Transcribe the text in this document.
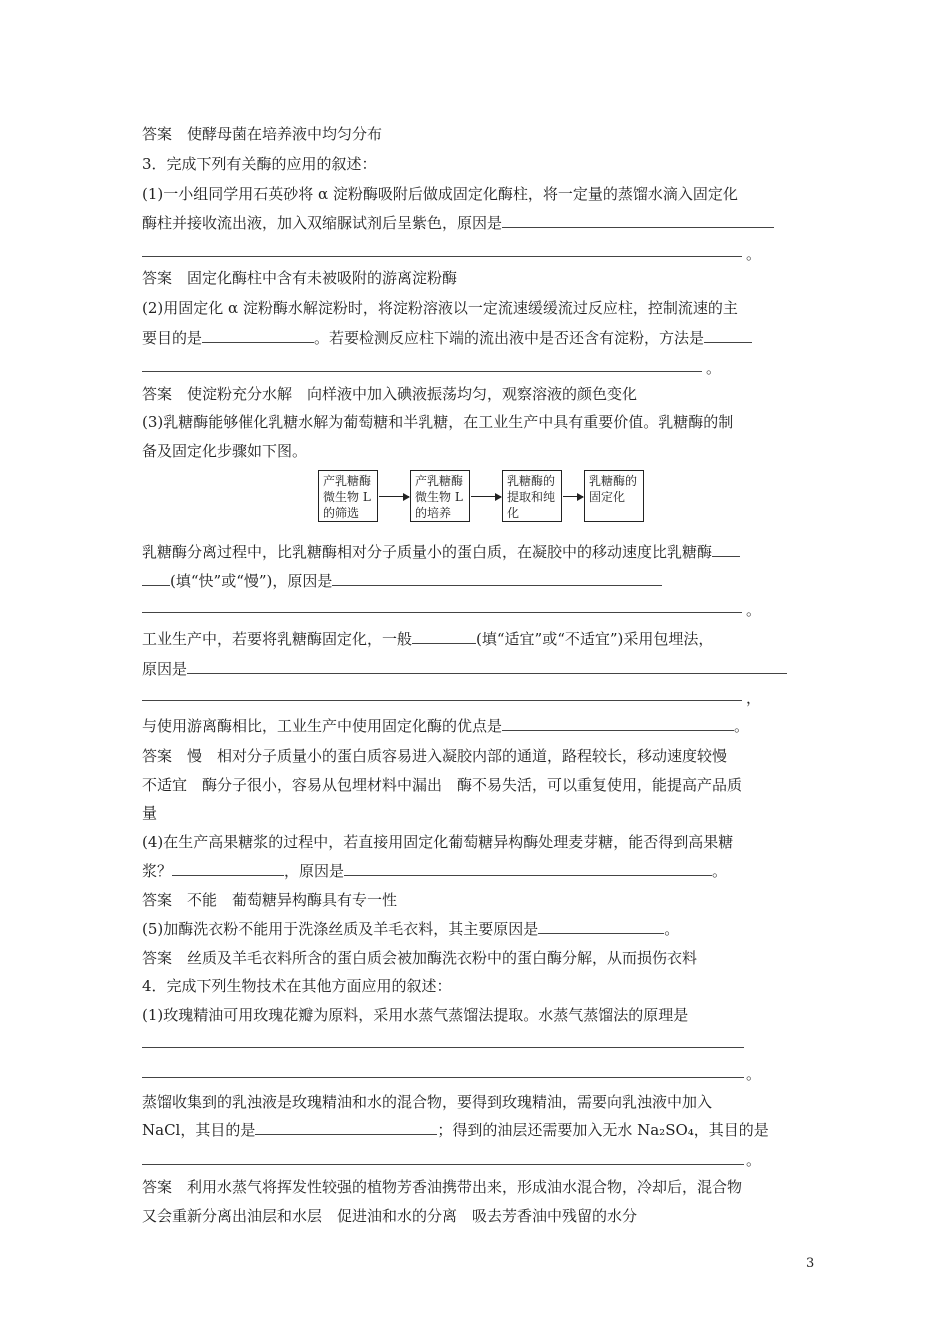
答案　使酵母菌在培养液中均匀分布
3．完成下列有关酶的应用的叙述：
(1)一小组同学用石英砂将 α 淀粉酶吸附后做成固定化酶柱，将一定量的蒸馏水滴入固定化
酶柱并接收流出液，加入双缩脲试剂后呈紫色，原因是
。
答案　固定化酶柱中含有未被吸附的游离淀粉酶
(2)用固定化 α 淀粉酶水解淀粉时，将淀粉溶液以一定流速缓缓流过反应柱，控制流速的主
要目的是	。若要检测反应柱下端的流出液中是否还含有淀粉，方法是
。
答案　使淀粉充分水解　向样液中加入碘液振荡均匀，观察溶液的颜色变化
(3)乳糖酶能够催化乳糖水解为葡萄糖和半乳糖，在工业生产中具有重要价值。乳糖酶的制
备及固定化步骤如下图。
产乳糖酶微生物 L 的筛选
产乳糖酶微生物 L 的培养
乳糖酶的提取和纯化
乳糖酶的固定化
乳糖酶分离过程中，比乳糖酶相对分子质量小的蛋白质，在凝胶中的移动速度比乳糖酶
(填“快”或“慢”)，原因是
。
工业生产中，若要将乳糖酶固定化，一般	(填“适宜”或“不适宜”)采用包埋法，
原因是
，
与使用游离酶相比，工业生产中使用固定化酶的优点是	。
答案　慢　相对分子质量小的蛋白质容易进入凝胶内部的通道，路程较长，移动速度较慢
不适宜　酶分子很小，容易从包埋材料中漏出　酶不易失活，可以重复使用，能提高产品质
量
(4)在生产高果糖浆的过程中，若直接用固定化葡萄糖异构酶处理麦芽糖，能否得到高果糖
浆？	，原因是	。
答案　不能　葡萄糖异构酶具有专一性
(5)加酶洗衣粉不能用于洗涤丝质及羊毛衣料，其主要原因是	。
答案　丝质及羊毛衣料所含的蛋白质会被加酶洗衣粉中的蛋白酶分解，从而损伤衣料
4．完成下列生物技术在其他方面应用的叙述：
(1)玫瑰精油可用玫瑰花瓣为原料，采用水蒸气蒸馏法提取。水蒸气蒸馏法的原理是
。
蒸馏收集到的乳浊液是玫瑰精油和水的混合物，要得到玫瑰精油，需要向乳浊液中加入
NaCl，其目的是	；得到的油层还需要加入无水 Na₂SO₄，其目的是
。
答案　利用水蒸气将挥发性较强的植物芳香油携带出来，形成油水混合物，冷却后，混合物
又会重新分离出油层和水层　促进油和水的分离　吸去芳香油中残留的水分
3
